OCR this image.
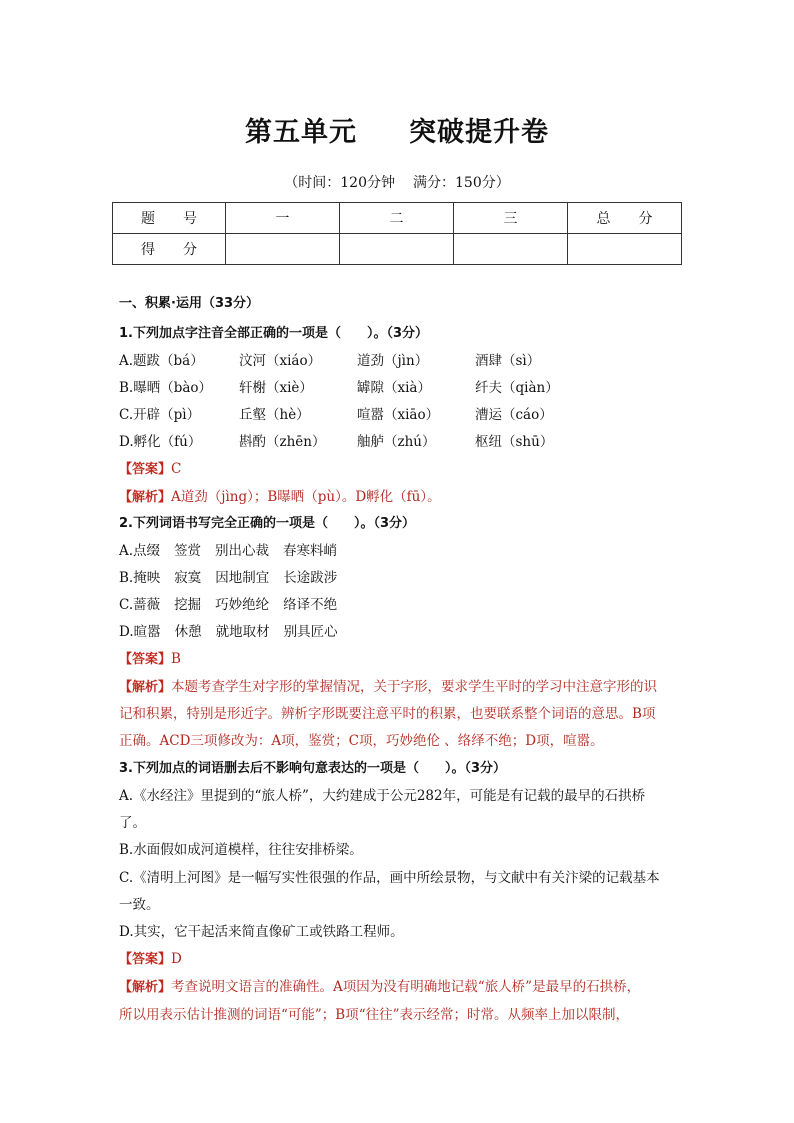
第五单元 突破提升卷
（时间：120分钟 满分：150分）
题　　号	一	二	三	总　　分
得　　分				
一、积累·运用（33分）
1.下列加点字注音全部正确的一项是（　　）。（3分）
A.题跋（bá）	汶河（xiáo）	道劲（jìn）	酒肆（sì）
B.曝晒（bào） 轩榭（xiè）	罅隙（xià）	纤夫（qiàn）
C.开辟（pì）	丘壑（hè）	喧嚣（xiāo）	漕运（cáo）
D.孵化（fú）	斟酌（zhēn） 舳舻（zhú）	枢纽（shū）
【答案】C
【解析】A道劲（jìng）；B曝晒（pù）。D孵化（fū）。
2.下列词语书写完全正确的一项是（　　）。（3分）
A.点缀 签赏 别出心裁 春寒料峭
B.掩映 寂寞 因地制宜 长途跋涉
C.蔷薇 挖掘 巧妙绝纶 络译不绝
D.暄嚣 休憩 就地取材 别具匠心
【答案】B
【解析】本题考查学生对字形的掌握情况，关于字形，要求学生平时的学习中注意字形的识
记和积累，特别是形近字。辨析字形既要注意平时的积累，也要联系整个词语的意思。B项
正确。ACD三项修改为：A项，鉴赏；C项，巧妙绝伦 、络绎不绝；D项，喧嚣。
3.下列加点的词语删去后不影响句意表达的一项是（　　）。（3分）
A.《水经注》里提到的“旅人桥”，大约建成于公元282年，可能是有记载的最早的石拱桥
了。
B.水面假如成河道模样，往往安排桥梁。
C.《清明上河图》是一幅写实性很强的作品，画中所绘景物，与文献中有关汴梁的记载基本
一致。
D.其实，它干起活来简直像矿工或铁路工程师。
【答案】D
【解析】考查说明文语言的准确性。A项因为没有明确地记载“旅人桥”是最早的石拱桥，
所以用表示估计推测的词语“可能”；B项“往往”表示经常；时常。从频率上加以限制，
